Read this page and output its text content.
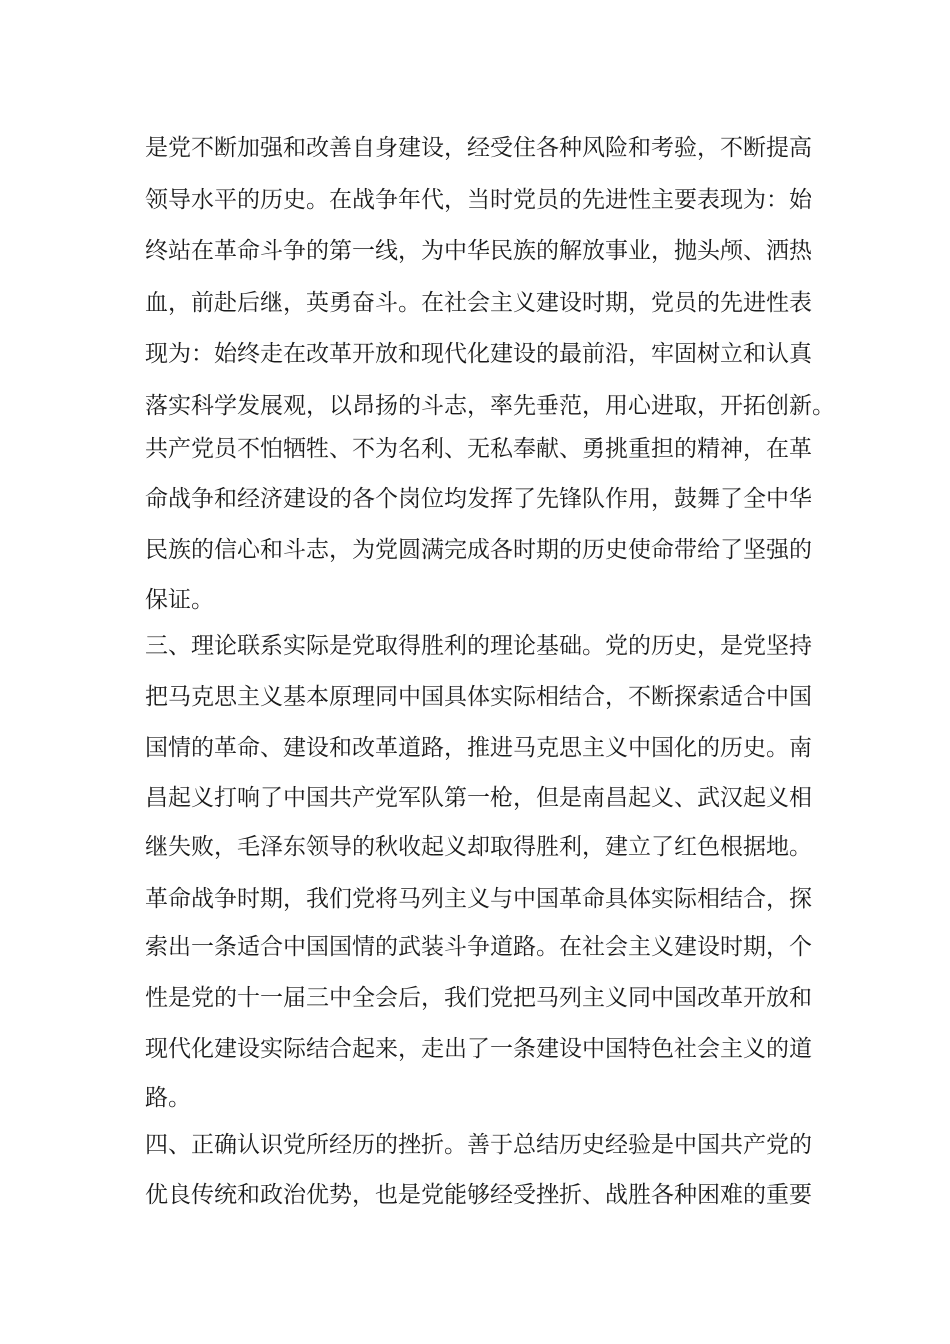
是党不断加强和改善自身建设，经受住各种风险和考验，不断提高
领导水平的历史。在战争年代，当时党员的先进性主要表现为：始
终站在革命斗争的第一线，为中华民族的解放事业，抛头颅、洒热
血，前赴后继，英勇奋斗。在社会主义建设时期，党员的先进性表
现为：始终走在改革开放和现代化建设的最前沿，牢固树立和认真
落实科学发展观，以昂扬的斗志，率先垂范，用心进取，开拓创新。
共产党员不怕牺牲、不为名利、无私奉献、勇挑重担的精神，在革
命战争和经济建设的各个岗位均发挥了先锋队作用，鼓舞了全中华
民族的信心和斗志，为党圆满完成各时期的历史使命带给了坚强的
保证。
三、理论联系实际是党取得胜利的理论基础。党的历史，是党坚持
把马克思主义基本原理同中国具体实际相结合，不断探索适合中国
国情的革命、建设和改革道路，推进马克思主义中国化的历史。南
昌起义打响了中国共产党军队第一枪，但是南昌起义、武汉起义相
继失败，毛泽东领导的秋收起义却取得胜利，建立了红色根据地。
革命战争时期，我们党将马列主义与中国革命具体实际相结合，探
索出一条适合中国国情的武装斗争道路。在社会主义建设时期，个
性是党的十一届三中全会后，我们党把马列主义同中国改革开放和
现代化建设实际结合起来，走出了一条建设中国特色社会主义的道
路。
四、正确认识党所经历的挫折。善于总结历史经验是中国共产党的
优良传统和政治优势，也是党能够经受挫折、战胜各种困难的重要
